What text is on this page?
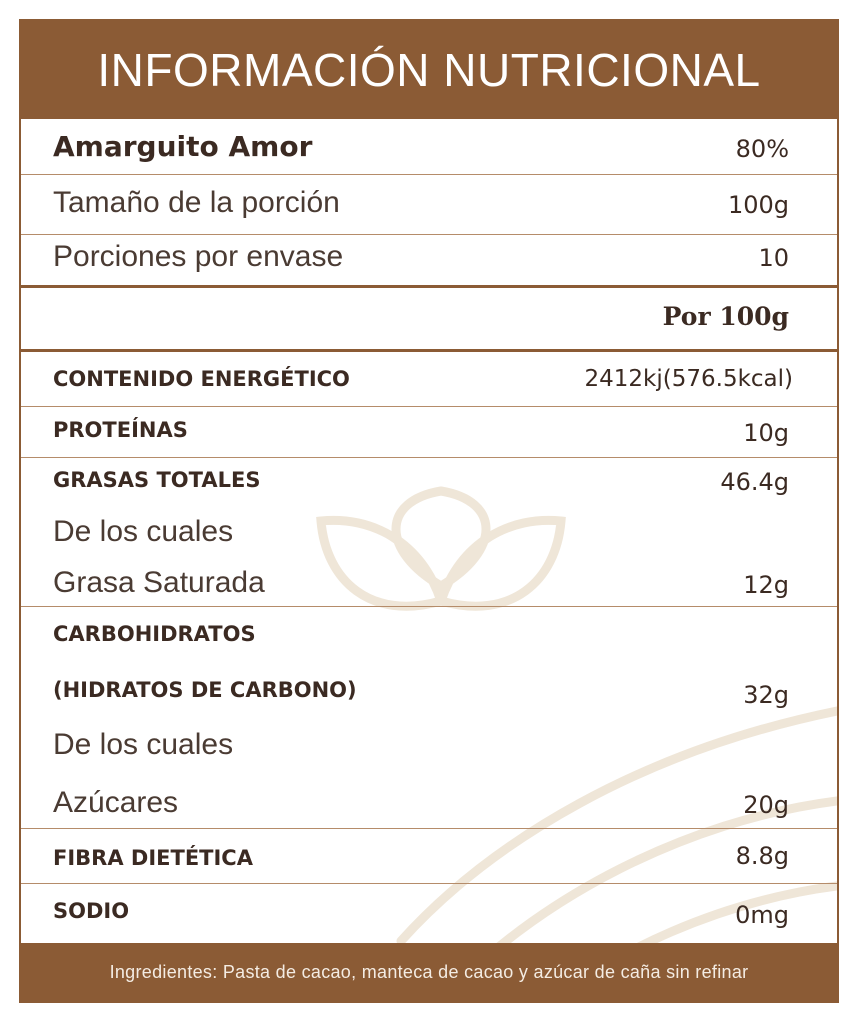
INFORMACIÓN NUTRICIONAL
Amarguito Amor	80%
Tamaño de la porción	100g
Porciones por envase	10
Por 100g
CONTENIDO ENERGÉTICO	2412kj(576.5kcal)
PROTEÍNAS	10g
GRASAS TOTALES	46.4g
De los cuales
Grasa Saturada	12g
CARBOHIDRATOS
(HIDRATOS DE CARBONO)	32g
De los cuales
Azúcares	20g
FIBRA DIETÉTICA	8.8g
SODIO	0mg
Ingredientes: Pasta de cacao, manteca de cacao y azúcar de caña sin refinar
